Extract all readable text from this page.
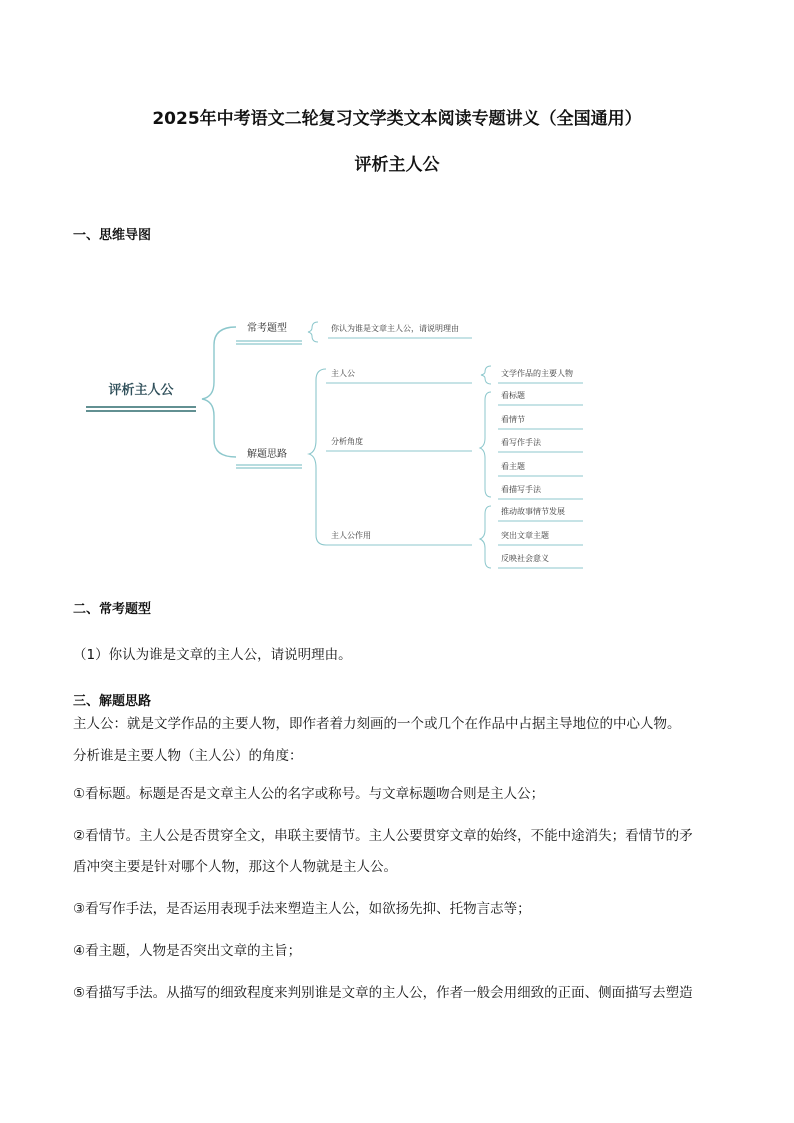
2025年中考语文二轮复习文学类文本阅读专题讲义（全国通用）
评析主人公
一、思维导图
评析主人公
常考题型	你认为谁是文章主人公，请说明理由
解题思路
主人公	文学作品的主要人物
分析角度
看标题
看情节
看写作手法
看主题
看描写手法
主人公作用
推动故事情节发展
突出文章主题
反映社会意义
二、常考题型
（1）你认为谁是文章的主人公，请说明理由。
三、解题思路
主人公：就是文学作品的主要人物，即作者着力刻画的一个或几个在作品中占据主导地位的中心人物。
分析谁是主要人物（主人公）的角度：
①看标题。标题是否是文章主人公的名字或称号。与文章标题吻合则是主人公；
②看情节。主人公是否贯穿全文，串联主要情节。主人公要贯穿文章的始终，不能中途消失；看情节的矛
盾冲突主要是针对哪个人物，那这个人物就是主人公。
③看写作手法，是否运用表现手法来塑造主人公，如欲扬先抑、托物言志等；
④看主题，人物是否突出文章的主旨；
⑤看描写手法。从描写的细致程度来判别谁是文章的主人公，作者一般会用细致的正面、侧面描写去塑造
